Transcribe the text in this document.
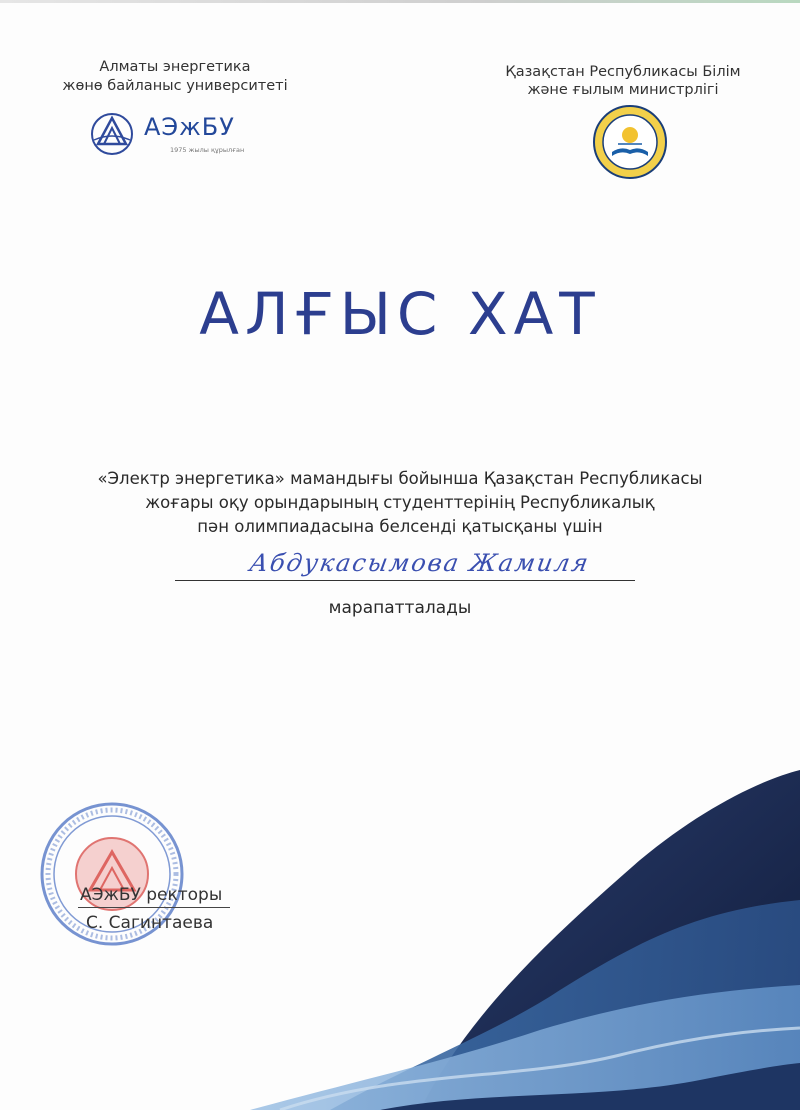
Алматы энергетика
жөнө байланыс университеті
АЭжБУ
1975 жылы құрылған
Қазақстан Республикасы Білім
және ғылым министрлігі
АЛҒЫС ХАТ
«Электр энергетика» мамандығы бойынша Қазақстан Республикасы
жоғары оқу орындарының студенттерінің Республикалық
пән олимпиадасына белсенді қатысқаны үшін
Абдукасымова Жамиля
марапатталады
АЭжБУ ректоры
С. Сагинтаева
